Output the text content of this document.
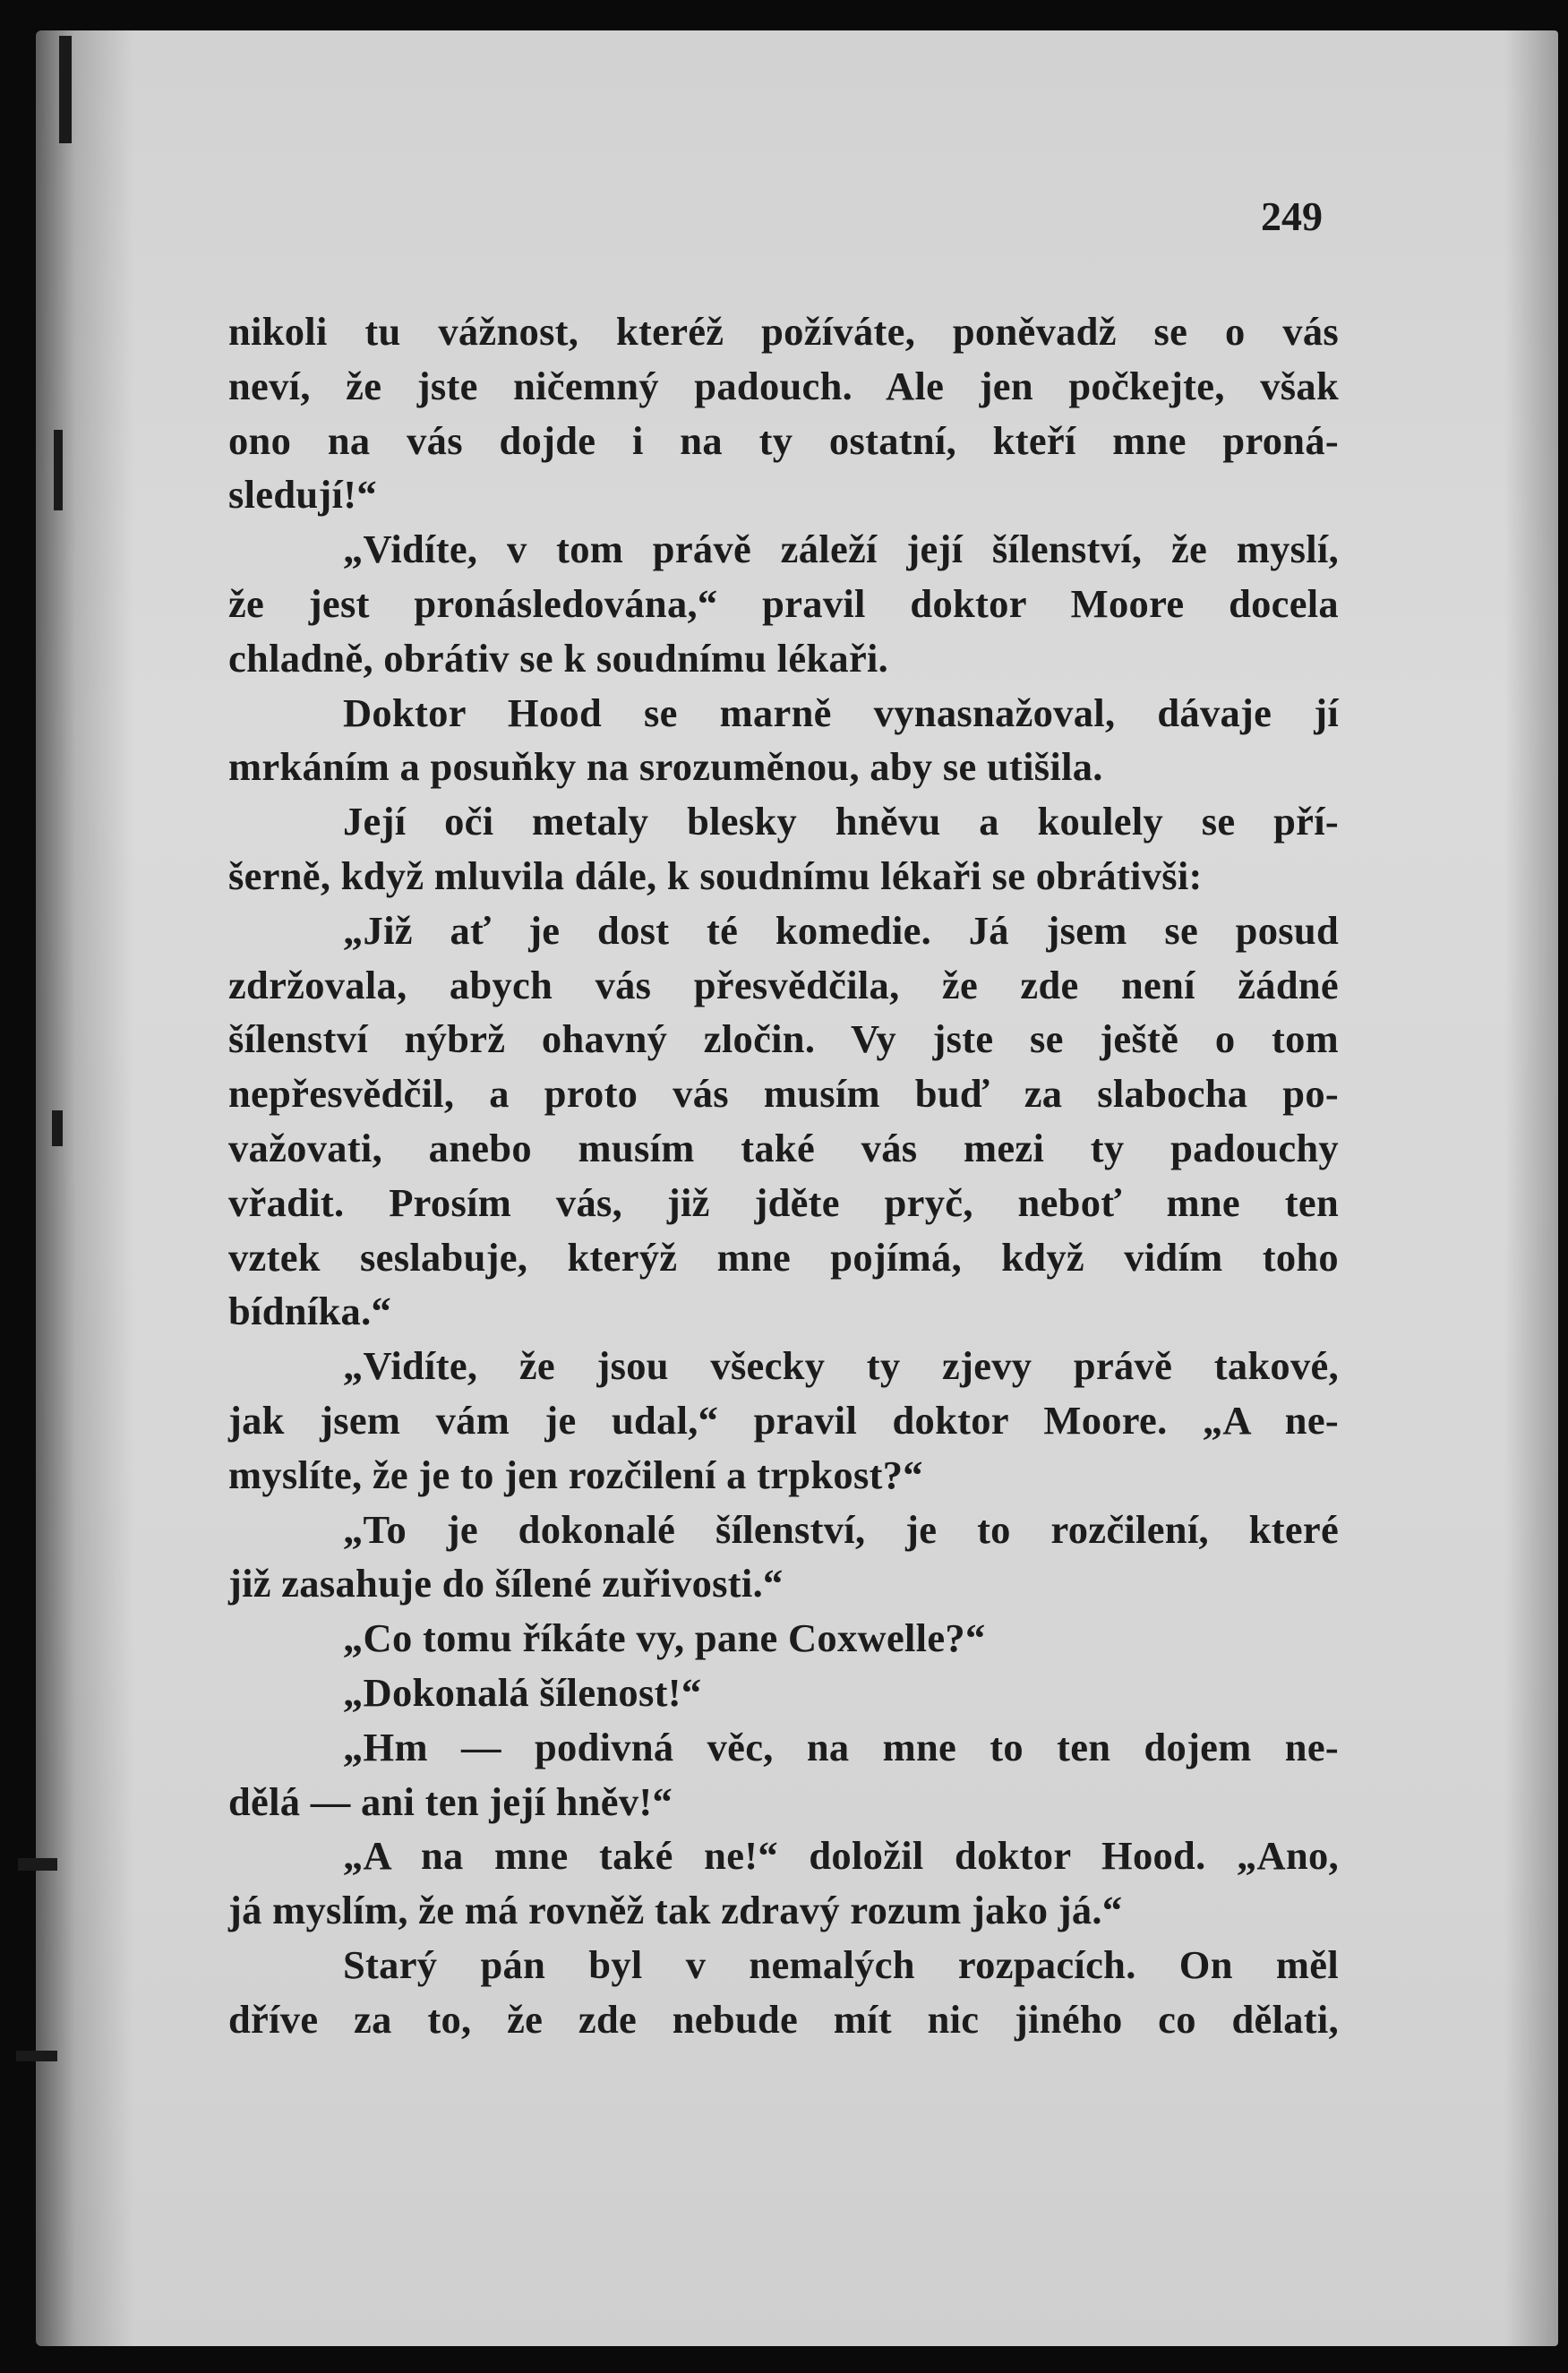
249

nikoli tu vážnost, kteréž požíváte, poněvadž se o vás
neví, že jste ničemný padouch. Ale jen počkejte, však
ono na vás dojde i na ty ostatní, kteří mne proná-
sledují!“
„Vidíte, v tom právě záleží její šílenství, že myslí,
že jest pronásledována,“ pravil doktor Moore docela
chladně, obrátiv se k soudnímu lékaři.
Doktor Hood se marně vynasnažoval, dávaje jí
mrkáním a posuňky na srozuměnou, aby se utišila.
Její oči metaly blesky hněvu a koulely se pří-
šerně, když mluvila dále, k soudnímu lékaři se obrátivši:
„Již ať je dost té komedie. Já jsem se posud
zdržovala, abych vás přesvědčila, že zde není žádné
šílenství nýbrž ohavný zločin. Vy jste se ještě o tom
nepřesvědčil, a proto vás musím buď za slabocha po-
važovati, anebo musím také vás mezi ty padouchy
vřadit. Prosím vás, již jděte pryč, neboť mne ten
vztek seslabuje, kterýž mne pojímá, když vidím toho
bídníka.“
„Vidíte, že jsou všecky ty zjevy právě takové,
jak jsem vám je udal,“ pravil doktor Moore. „A ne-
myslíte, že je to jen rozčilení a trpkost?“
„To je dokonalé šílenství, je to rozčilení, které
již zasahuje do šílené zuřivosti.“
„Co tomu říkáte vy, pane Coxwelle?“
„Dokonalá šílenost!“
„Hm — podivná věc, na mne to ten dojem ne-
dělá — ani ten její hněv!“
„A na mne také ne!“ doložil doktor Hood. „Ano,
já myslím, že má rovněž tak zdravý rozum jako já.“
Starý pán byl v nemalých rozpacích. On měl
dříve za to, že zde nebude mít nic jiného co dělati,
